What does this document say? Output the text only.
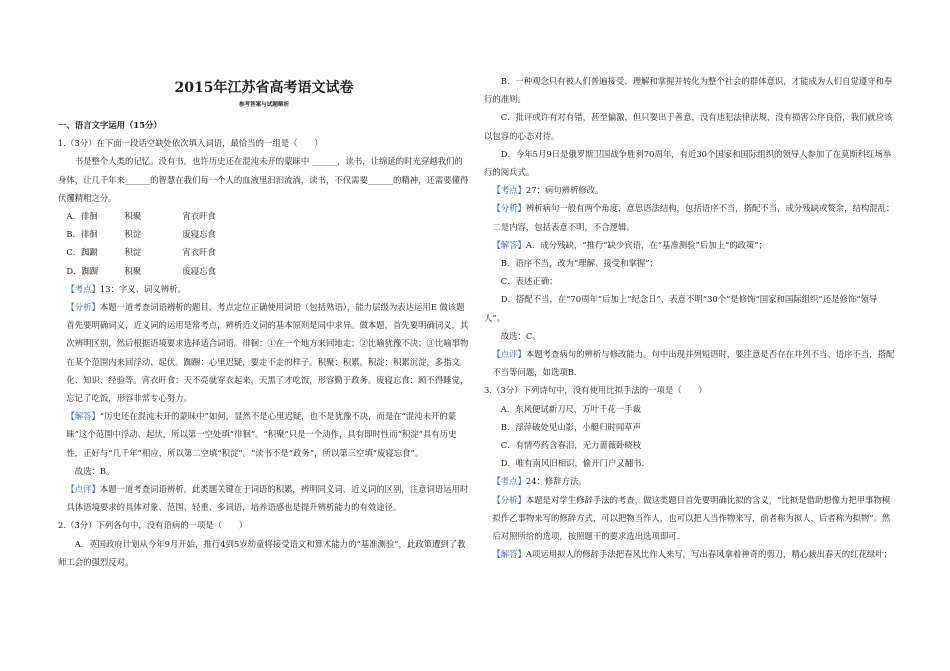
2015年江苏省高考语文试卷
参考答案与试题解析

一、语言文字运用（15分）

1.（3分）在下面一段话空缺处依次填入词语，最恰当的一组是（　　）

书是整个人类的记忆。没有书，也许历史还在混沌未开的蒙昧中 ______，读书，让绵延的时光穿越我们的身体，让几千年来______的智慧在我们每一个人的血液里汩汩流淌，读书，不仅需要______的精神，还需要懂得伏攫精粗之分。

A．徘徊	积聚	宵衣旰食

B．徘徊	积淀	废寝忘食

C．踟蹰	积淀	宵衣旰食

D．踟蹰	积聚	废寝忘食

【考点】13：字义、词义辨析。

【分析】本题一道考查词语辨析的题目，考点定位正确使用词语（包括熟语），能力层级为表达运用E 做该题首先要明确词义，近义词的运用是常考点，辨析近义词的基本原则是同中求异。做本题，首先要明确词义，其次辨明区别，然后根据语境要求选择适合词语。徘徊：①在一个地方来回地走；②比喻犹豫不决；③比喻事物在某个范围内来回浮动、起伏。踟蹰：心里迟疑，要走不走的样子。积聚：积累。积淀：积累沉淀，多指文化、知识、经验等。宵衣旰食：天不亮就穿衣起来，天黑了才吃饭，形容勤于政务。废寝忘食：顾不得睡觉，忘记了吃饭，形容非常专心努力。

【解答】“历史还在混沌未开的蒙昧中”如何，显然不是心里迟疑，也不是犹豫不决，而是在“混沌未开的蒙昧”这个范围中浮动、起伏，所以第一空处填“徘徊”。“积聚”只是一个动作，具有即时性而“积淀”具有历史性，正好与“几千年”相应，所以第二空填“积淀”。“读书不是“政务”，所以第三空填“废寝忘食”。

故选：B。

【点评】本题一道考查词语辨析，此类题关键在于词语的积累，辨明同义词、近义词的区别，注意词语运用时具体语境要求的具体对象、范围、轻重、多词语，培养语感也是提升辨析能力的有效途径。

2.（3分）下列各句中，没有语病的一项是（　　）

A．英国政府计划从今年9月开始，推行4到5岁幼童将接受语文和算术能力的“基准测验”，此政策遭到了教师工会的强烈反对。

B．一种观念只有被人们普遍接受、理解和掌握并转化为整个社会的群体意识，才能成为人们自觉遵守和奉行的准则。

C．批评或许有对有错，甚至偏激，但只要出于善意，没有违犯法律法规，没有损害公序良俗，我们就应该以包容的心态对待。

D．今年5月9日是俄罗斯卫国战争胜利70周年，有近30个国家和国际组织的领导人参加了在莫斯科红场举行的阅兵式。

【考点】27：病句辨析修改。

【分析】辨析病句一般有两个角度，意思语法结构，包括语序不当，搭配不当，成分残缺或赘余，结构混乱；二是内容，包括表意不明，不合逻辑。

【解答】A．成分残缺，“推行”缺少宾语，在“基准测验”后加上“的政策”；

B．语序不当，改为“理解、接受和掌握”；

C．表述正确；

D．搭配不当，在“70周年”后加上“纪念日”，表意不明“30个”是修饰“国家和国际组织”还是修饰“领导人”。

故选：C。

【点评】本题考查病句的辨析与修改能力。句中出现并列短语时，要注意是否存在并列不当、语序不当，搭配不当等问题，如选项B.

3.（3分）下列诗句中，没有使用比拟手法的一项是（　　）

A．东风便试新刀尺，万叶千花一手裁

B．浮萍破处见山影，小艇归时闻草声

C．有情芍药含春泪，无力蔷薇卧晓枝

D．唯有南风旧相识，偷开门户又翻书.

【考点】24：修辞方法。

【分析】本题是对学生修辞手法的考查，做这类题目首先要明确比拟的含义，“比拟是借助想像力把甲事物模拟作乙事物来写的修辞方式，可以把物当作人，也可以把人当作物来写，前者称为拟人，后者称为拟物”。然后对照所给的选项，按照题干的要求选出选项即可.

【解答】A项运用拟人的修辞手法把春风比作人来写，写出春风拿着神奇的剪刀，精心裁出春天的红花绿叶；
